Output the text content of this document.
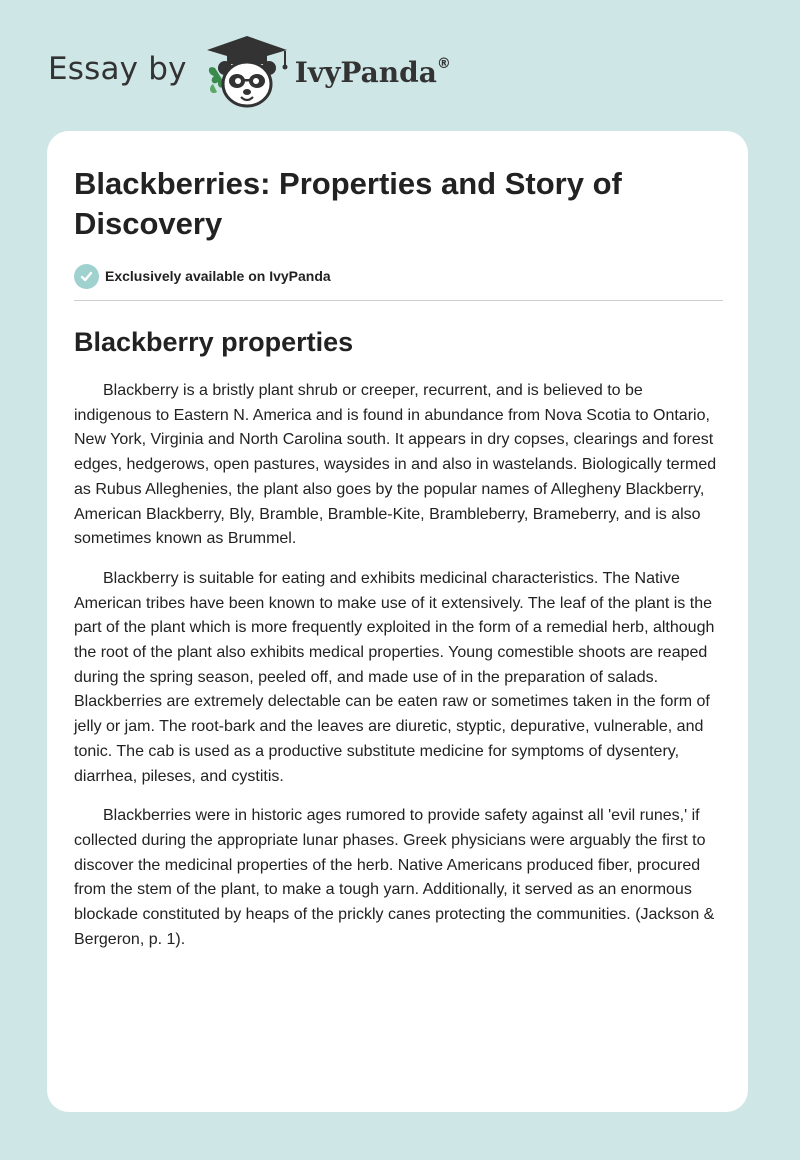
Essay by	IvyPanda®
Blackberries: Properties and Story of Discovery
Exclusively available on IvyPanda
Blackberry properties

Blackberry is a bristly plant shrub or creeper, recurrent, and is believed to be indigenous to Eastern N. America and is found in abundance from Nova Scotia to Ontario, New York, Virginia and North Carolina south. It appears in dry copses, clearings and forest edges, hedgerows, open pastures, waysides in and also in wastelands. Biologically termed as Rubus Alleghenies, the plant also goes by the popular names of Allegheny Blackberry, American Blackberry, Bly, Bramble, Bramble-Kite, Brambleberry, Brameberry, and is also sometimes known as Brummel.

Blackberry is suitable for eating and exhibits medicinal characteristics. The Native American tribes have been known to make use of it extensively. The leaf of the plant is the part of the plant which is more frequently exploited in the form of a remedial herb, although the root of the plant also exhibits medical properties. Young comestible shoots are reaped during the spring season, peeled off, and made use of in the preparation of salads. Blackberries are extremely delectable can be eaten raw or sometimes taken in the form of jelly or jam. The root-bark and the leaves are diuretic, styptic, depurative, vulnerable, and tonic. The cab is used as a productive substitute medicine for symptoms of dysentery, diarrhea, pileses, and cystitis.

Blackberries were in historic ages rumored to provide safety against all 'evil runes,' if collected during the appropriate lunar phases. Greek physicians were arguably the first to discover the medicinal properties of the herb. Native Americans produced fiber, procured from the stem of the plant, to make a tough yarn. Additionally, it served as an enormous blockade constituted by heaps of the prickly canes protecting the communities. (Jackson & Bergeron, p. 1).
